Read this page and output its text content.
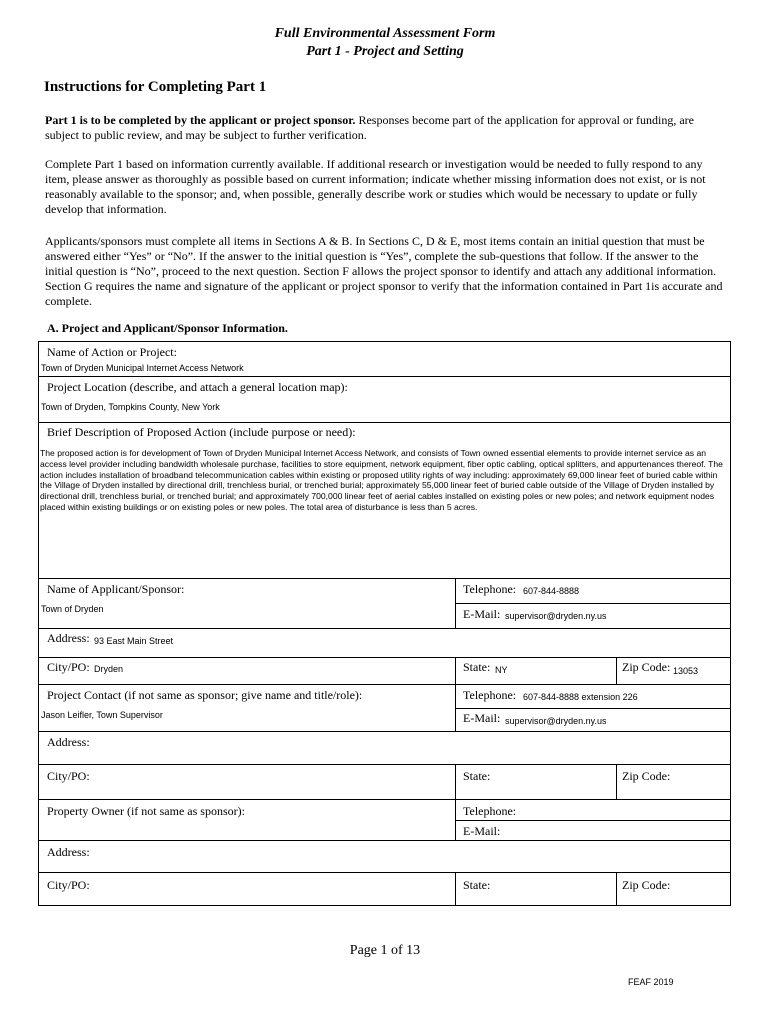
Full Environmental Assessment Form
Part 1 - Project and Setting
Instructions for Completing Part 1
Part 1 is to be completed by the applicant or project sponsor. Responses become part of the application for approval or funding, are subject to public review, and may be subject to further verification.
Complete Part 1 based on information currently available. If additional research or investigation would be needed to fully respond to any item, please answer as thoroughly as possible based on current information; indicate whether missing information does not exist, or is not reasonably available to the sponsor; and, when possible, generally describe work or studies which would be necessary to update or fully develop that information.
Applicants/sponsors must complete all items in Sections A & B. In Sections C, D & E, most items contain an initial question that must be answered either “Yes” or “No”. If the answer to the initial question is “Yes”, complete the sub-questions that follow. If the answer to the initial question is “No”, proceed to the next question. Section F allows the project sponsor to identify and attach any additional information. Section G requires the name and signature of the applicant or project sponsor to verify that the information contained in Part 1is accurate and complete.
A. Project and Applicant/Sponsor Information.
Name of Action or Project:
Town of Dryden Municipal Internet Access Network
Project Location (describe, and attach a general location map):
Town of Dryden, Tompkins County, New York
Brief Description of Proposed Action (include purpose or need):
The proposed action is for development of Town of Dryden Municipal Internet Access Network, and consists of Town owned essential elements to provide internet service as an access level provider including bandwidth wholesale purchase, facilities to store equipment, network equipment, fiber optic cabling, optical splitters, and appurtenances thereof. The action includes installation of broadband telecommunication cables within existing or proposed utility rights of way including: approximately 69,000 linear feet of buried cable within the Village of Dryden installed by directional drill, trenchless burial, or trenched burial; approximately 55,000 linear feet of buried cable outside of the Village of Dryden installed by directional drill, trenchless burial, or trenched burial; and approximately 700,000 linear feet of aerial cables installed on existing poles or new poles; and network equipment nodes placed within existing buildings or on existing poles or new poles. The total area of disturbance is less than 5 acres.
Name of Applicant/Sponsor:
Town of Dryden
Telephone: 607-844-8888
E-Mail: supervisor@dryden.ny.us
Address: 93 East Main Street
City/PO: Dryden	State: NY	Zip Code: 13053
Project Contact (if not same as sponsor; give name and title/role):
Jason Leifler, Town Supervisor
Telephone: 607-844-8888 extension 226
E-Mail: supervisor@dryden.ny.us
Address:
City/PO:	State:	Zip Code:
Property Owner (if not same as sponsor):	Telephone:
E-Mail:
Address:
City/PO:	State:	Zip Code:
Page 1 of 13
FEAF 2019
